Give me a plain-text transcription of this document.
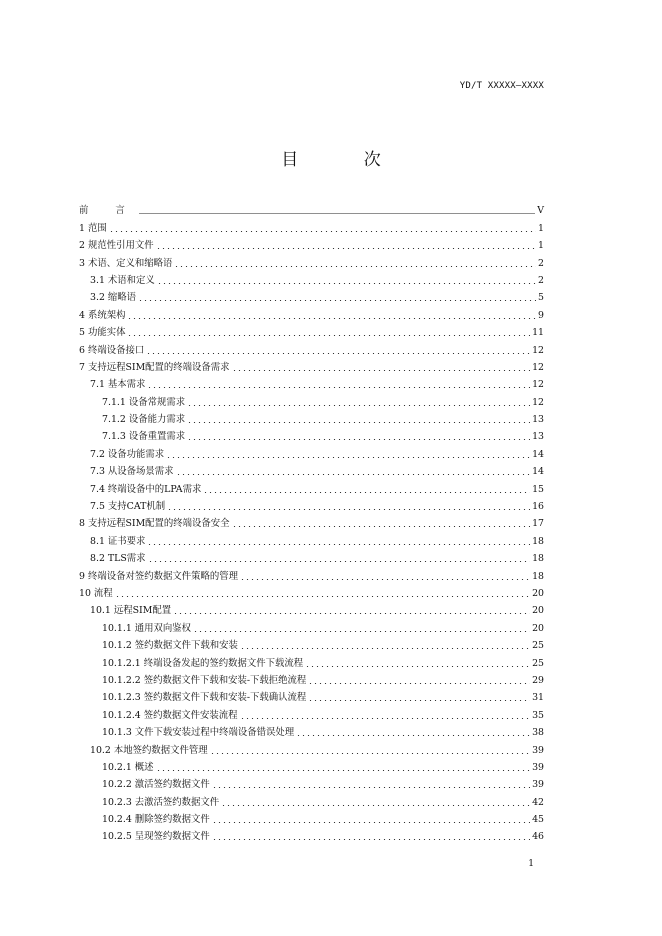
YD/T XXXXX—XXXX
目 次
前 言	V
1 范围	1
2 规范性引用文件	1
3 术语、定义和缩略语	2
3.1 术语和定义	2
3.2 缩略语	5
4 系统架构	9
5 功能实体	11
6 终端设备接口	12
7 支持远程SIM配置的终端设备需求	12
7.1 基本需求	12
7.1.1 设备常规需求	12
7.1.2 设备能力需求	13
7.1.3 设备重置需求	13
7.2 设备功能需求	14
7.3 从设备场景需求	14
7.4 终端设备中的LPA需求	15
7.5 支持CAT机制	16
8 支持远程SIM配置的终端设备安全	17
8.1 证书要求	18
8.2 TLS需求	18
9 终端设备对签约数据文件策略的管理	18
10 流程	20
10.1 远程SIM配置	20
10.1.1 通用双向鉴权	20
10.1.2 签约数据文件下载和安装	25
10.1.2.1 终端设备发起的签约数据文件下载流程	25
10.1.2.2 签约数据文件下载和安装-下载拒绝流程	29
10.1.2.3 签约数据文件下载和安装-下载确认流程	31
10.1.2.4 签约数据文件安装流程	35
10.1.3 文件下载安装过程中终端设备错误处理	38
10.2 本地签约数据文件管理	39
10.2.1 概述	39
10.2.2 激活签约数据文件	39
10.2.3 去激活签约数据文件	42
10.2.4 删除签约数据文件	45
10.2.5 呈现签约数据文件	46
1
